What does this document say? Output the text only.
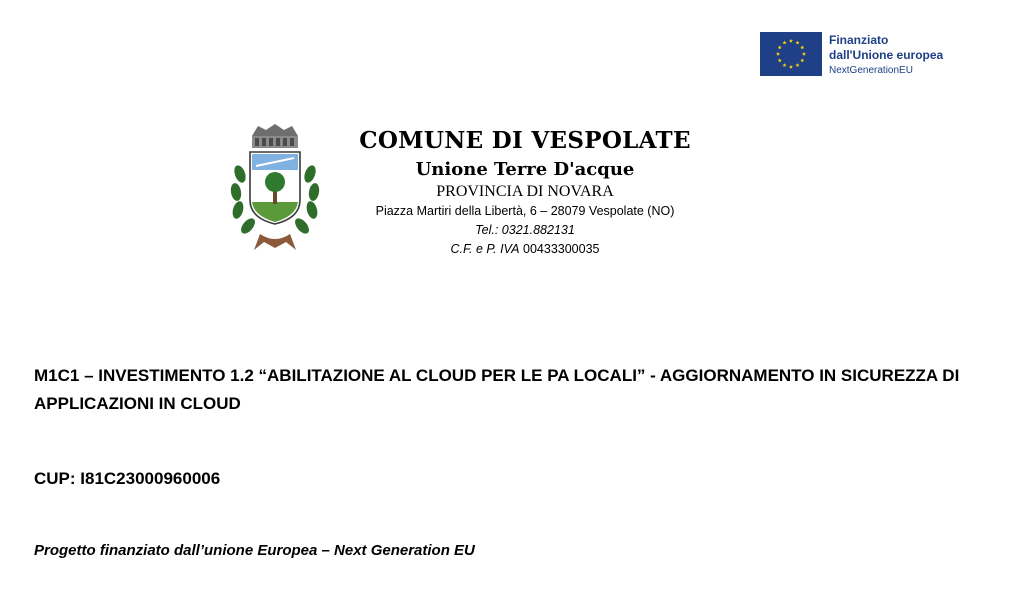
Finanziato
dall'Unione europea
NextGenerationEU
COMUNE DI VESPOLATE
Unione Terre D'acque
PROVINCIA DI NOVARA
Piazza Martiri della Libertà, 6 – 28079 Vespolate (NO)
Tel.: 0321.882131
C.F. e P. IVA 00433300035
M1C1 – INVESTIMENTO 1.2 “ABILITAZIONE AL CLOUD PER LE PA LOCALI” - AGGIORNAMENTO IN SICUREZZA DI APPLICAZIONI IN CLOUD
CUP: I81C23000960006
Progetto finanziato dall’unione Europea – Next Generation EU
